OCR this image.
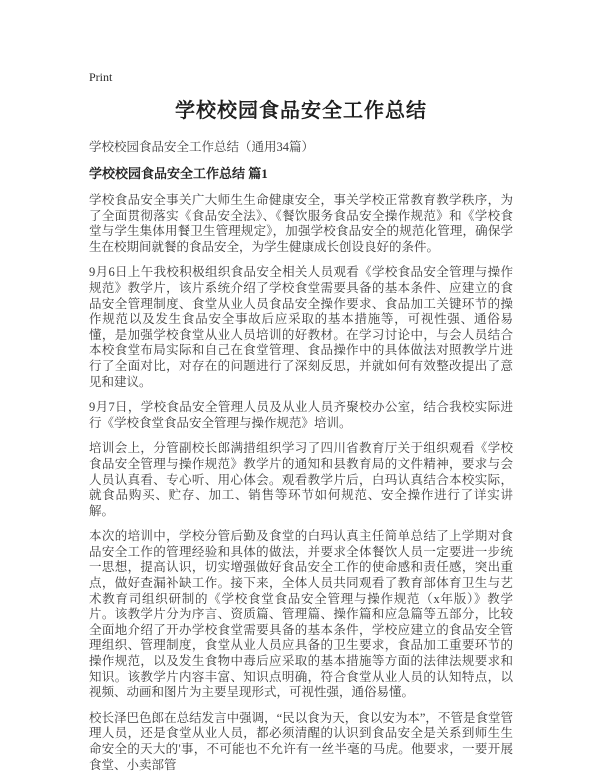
Print
学校校园食品安全工作总结
学校校园食品安全工作总结（通用34篇）
学校校园食品安全工作总结 篇1

学校食品安全事关广大师生生命健康安全，事关学校正常教育教学秩序，为了全面贯彻落实《食品安全法》、《餐饮服务食品安全操作规范》和《学校食堂与学生集体用餐卫生管理规定》，加强学校食品安全的规范化管理，确保学生在校期间就餐的食品安全，为学生健康成长创设良好的条件。

9月6日上午我校积极组织食品安全相关人员观看《学校食品安全管理与操作规范》教学片，该片系统介绍了学校食堂需要具备的基本条件、应建立的食品安全管理制度、食堂从业人员食品安全操作要求、食品加工关键环节的操作规范以及发生食品安全事故后应采取的基本措施等，可视性强、通俗易懂，是加强学校食堂从业人员培训的好教材。在学习讨论中，与会人员结合本校食堂布局实际和自己在食堂管理、食品操作中的具体做法对照教学片进行了全面对比，对存在的问题进行了深刻反思，并就如何有效整改提出了意见和建议。

9月7日，学校食品安全管理人员及从业人员齐聚校办公室，结合我校实际进行《学校食堂食品安全管理与操作规范》培训。

培训会上，分管副校长郎满措组织学习了四川省教育厅关于组织观看《学校食品安全管理与操作规范》教学片的通知和县教育局的文件精神，要求与会人员认真看、专心听、用心体会。观看教学片后，白玛认真结合本校实际，就食品购买、贮存、加工、销售等环节如何规范、安全操作进行了详实讲解。

本次的培训中，学校分管后勤及食堂的白玛认真主任简单总结了上学期对食品安全工作的管理经验和具体的做法，并要求全体餐饮人员一定要进一步统一思想，提高认识，切实增强做好食品安全工作的使命感和责任感，突出重点，做好查漏补缺工作。接下来，全体人员共同观看了教育部体育卫生与艺术教育司组织研制的《学校食堂食品安全管理与操作规范（x年版）》教学片。该教学片分为序言、资质篇、管理篇、操作篇和应急篇等五部分，比较全面地介绍了开办学校食堂需要具备的基本条件，学校应建立的食品安全管理组织、管理制度，食堂从业人员应具备的卫生要求，食品加工重要环节的操作规范，以及发生食物中毒后应采取的基本措施等方面的法律法规要求和知识。该教学片内容丰富、知识点明确，符合食堂从业人员的认知特点，以视频、动画和图片为主要呈现形式，可视性强，通俗易懂。

校长泽巴色郎在总结发言中强调，“民以食为天，食以安为本”，不管是食堂管理人员，还是食堂从业人员，都必须清醒的认识到食品安全是关系到师生生命安全的天大的'事，不可能也不允许有一丝半毫的马虎。他要求，一要开展食堂、小卖部管
